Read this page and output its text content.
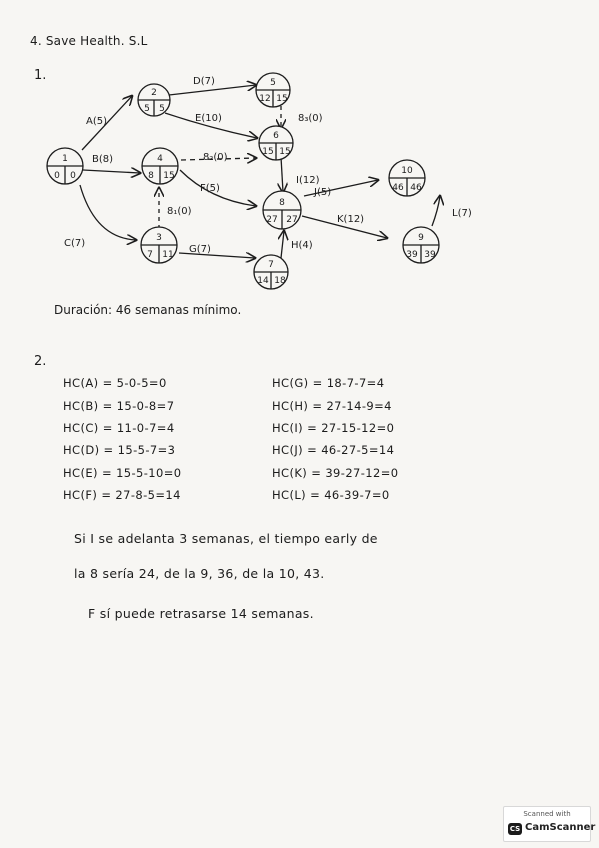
4. Save Health. S.L
1.
1
0 0
2
5 5
3
7 11
4
8 15
5
12 15
6
15 15
7
14 18
8
27 27
9
39 39
10
46 46
A(5)
B(8)
C(7)
D(7)
E(10)
F(5)
G(7)	H(4)
I(12)
J(5)
K(12)
L(7)
8₁(0)
8₂(0)
8₃(0)
Duración: 46 semanas mínimo.
2.
HC(A) = 5-0-5=0
HC(B) = 15-0-8=7
HC(C) = 11-0-7=4
HC(D) = 15-5-7=3
HC(E) = 15-5-10=0
HC(F) = 27-8-5=14
HC(G) = 18-7-7=4
HC(H) = 27-14-9=4
HC(I) = 27-15-12=0
HC(J) = 46-27-5=14
HC(K) = 39-27-12=0
HC(L) = 46-39-7=0
Si I se adelanta 3 semanas, el tiempo early de
la 8 sería 24, de la 9, 36, de la 10, 43.
F sí puede retrasarse 14 semanas.
Scanned with
CS CamScanner
